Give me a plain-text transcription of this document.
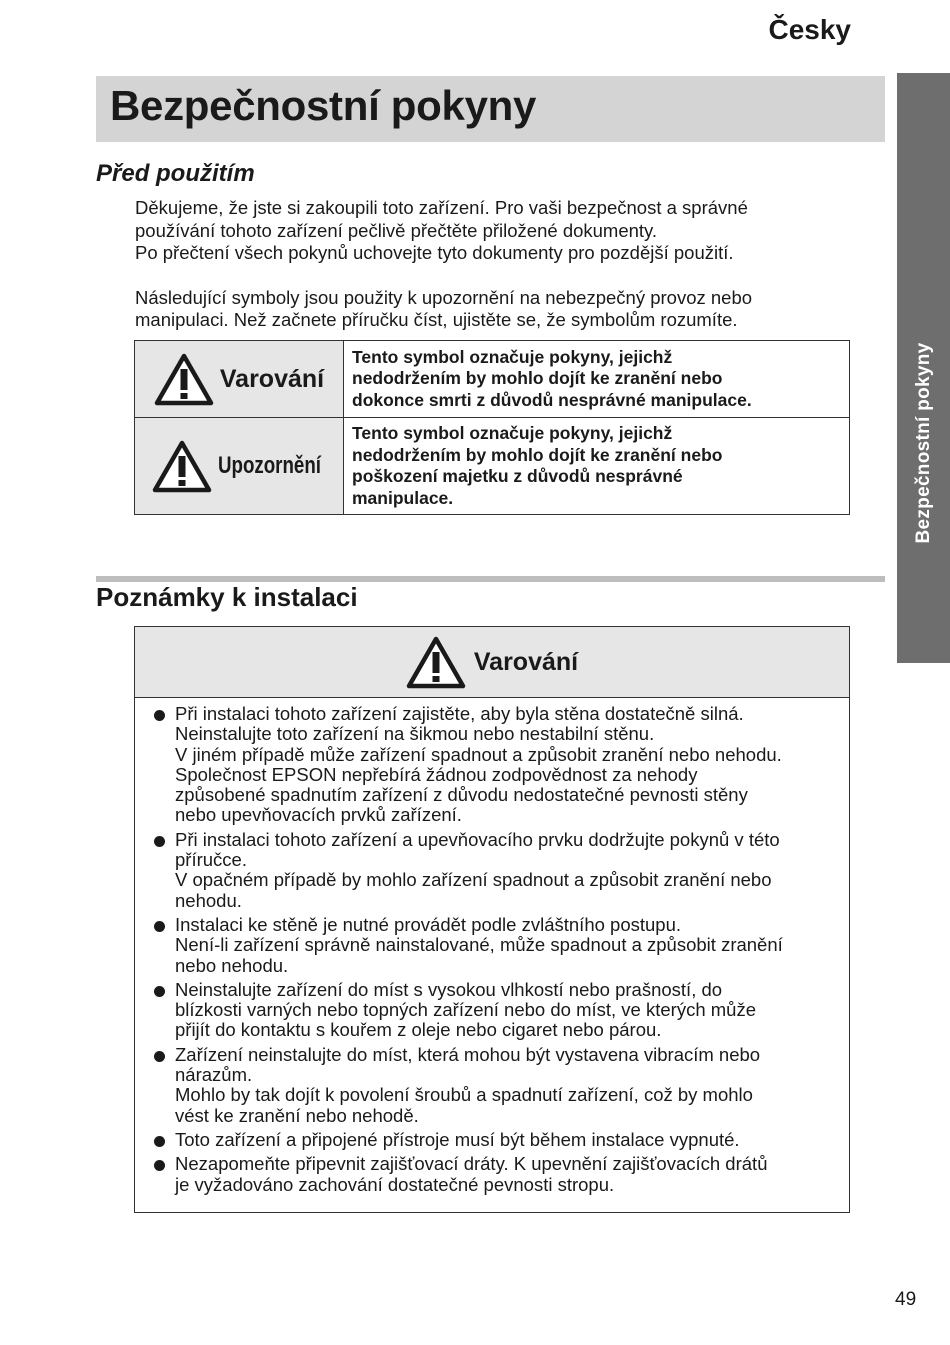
Česky
Bezpečnostní pokyny
Bezpečnostní pokyny
Před použitím

Děkujeme, že jste si zakoupili toto zařízení. Pro vaši bezpečnost a správné
používání tohoto zařízení pečlivě přečtěte přiložené dokumenty.
Po přečtení všech pokynů uchovejte tyto dokumenty pro pozdější použití.

Následující symboly jsou použity k upozornění na nebezpečný provoz nebo
manipulaci. Než začnete příručku číst, ujistěte se, že symbolům rozumíte.

Varování	Tento symbol označuje pokyny, jejichž
nedodržením by mohlo dojít ke zranění nebo
dokonce smrti z důvodů nesprávné manipulace.

Upozornění	Tento symbol označuje pokyny, jejichž
nedodržením by mohlo dojít ke zranění nebo
poškození majetku z důvodů nesprávné
manipulace.
Poznámky k instalaci
Varování
Při instalaci tohoto zařízení zajistěte, aby byla stěna dostatečně silná.
Neinstalujte toto zařízení na šikmou nebo nestabilní stěnu.
V jiném případě může zařízení spadnout a způsobit zranění nebo nehodu.
Společnost EPSON nepřebírá žádnou zodpovědnost za nehody
způsobené spadnutím zařízení z důvodu nedostatečné pevnosti stěny
nebo upevňovacích prvků zařízení.
Při instalaci tohoto zařízení a upevňovacího prvku dodržujte pokynů v této
příručce.
V opačném případě by mohlo zařízení spadnout a způsobit zranění nebo
nehodu.
Instalaci ke stěně je nutné provádět podle zvláštního postupu.
Není-li zařízení správně nainstalované, může spadnout a způsobit zranění
nebo nehodu.
Neinstalujte zařízení do míst s vysokou vlhkostí nebo prašností, do
blízkosti varných nebo topných zařízení nebo do míst, ve kterých může
přijít do kontaktu s kouřem z oleje nebo cigaret nebo párou.
Zařízení neinstalujte do míst, která mohou být vystavena vibracím nebo
nárazům.
Mohlo by tak dojít k povolení šroubů a spadnutí zařízení, což by mohlo
vést ke zranění nebo nehodě.
Toto zařízení a připojené přístroje musí být během instalace vypnuté.
Nezapomeňte připevnit zajišťovací dráty. K upevnění zajišťovacích drátů
je vyžadováno zachování dostatečné pevnosti stropu.
49
